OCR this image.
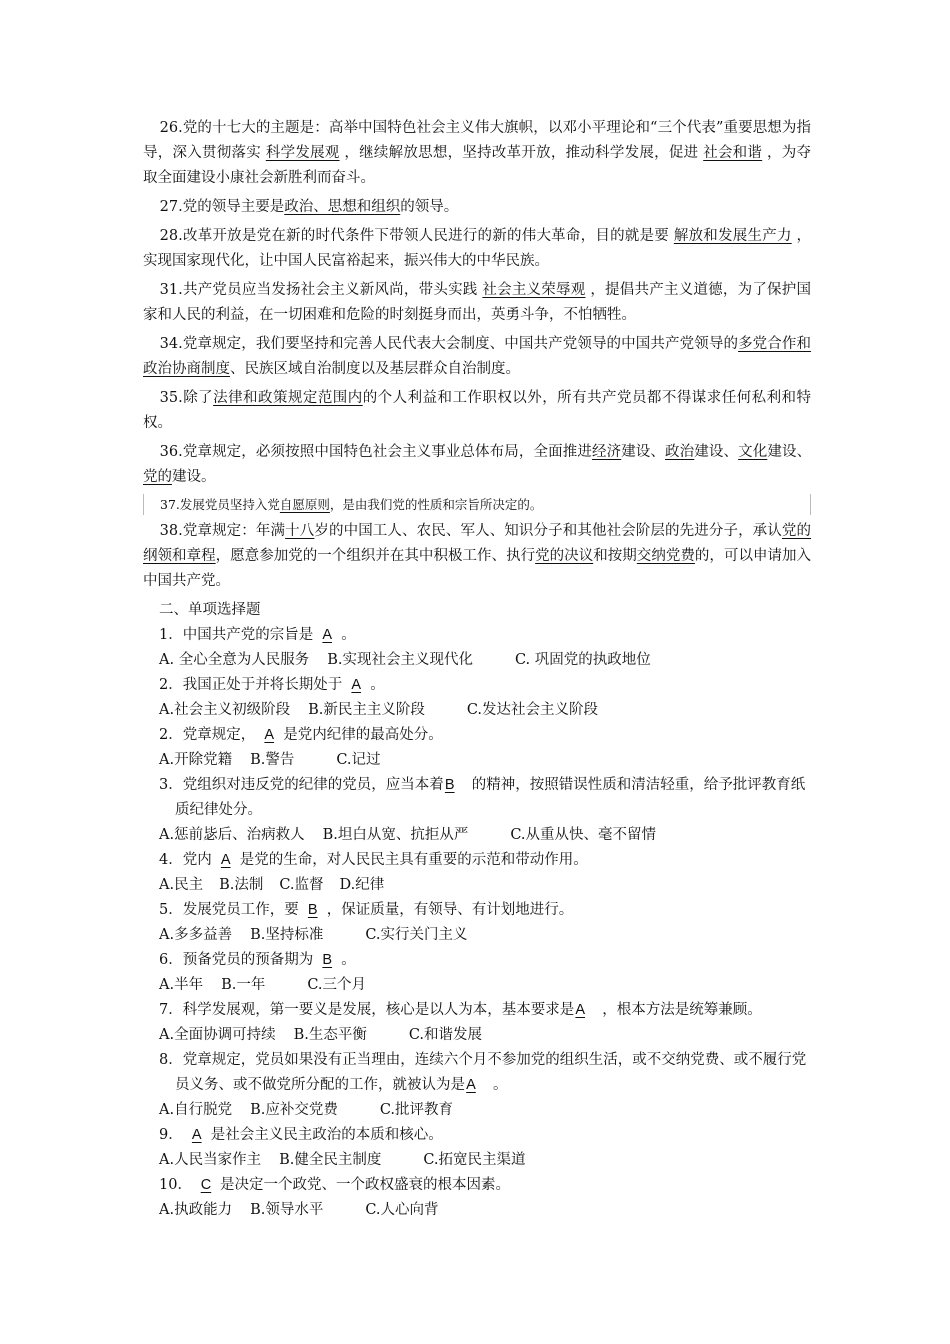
26.党的十七大的主题是：高举中国特色社会主义伟大旗帜，以邓小平理论和“三个代表”重要思想为指导，深入贯彻落实 科学发展观 ，继续解放思想，坚持改革开放，推动科学发展，促进 社会和谐 ，为夺取全面建设小康社会新胜利而奋斗。

27.党的领导主要是政治、思想和组织的领导。

28.改革开放是党在新的时代条件下带领人民进行的新的伟大革命，目的就是要 解放和发展生产力 ，实现国家现代化，让中国人民富裕起来，振兴伟大的中华民族。

31.共产党员应当发扬社会主义新风尚，带头实践 社会主义荣辱观 ，提倡共产主义道德，为了保护国家和人民的利益，在一切困难和危险的时刻挺身而出，英勇斗争，不怕牺牲。

34.党章规定，我们要坚持和完善人民代表大会制度、中国共产党领导的中国共产党领导的多党合作和政治协商制度、民族区域自治制度以及基层群众自治制度。

35.除了法律和政策规定范围内的个人利益和工作职权以外，所有共产党员都不得谋求任何私利和特权。

36.党章规定，必须按照中国特色社会主义事业总体布局，全面推进经济建设、政治建设、文化建设、党的建设。

37.发展党员坚持入党自愿原则，是由我们党的性质和宗旨所决定的。

38.党章规定：年满十八岁的中国工人、农民、军人、知识分子和其他社会阶层的先进分子，承认党的纲领和章程，愿意参加党的一个组织并在其中积极工作、执行党的决议和按期交纳党费的，可以申请加入中国共产党。

二、单项选择题

1．中国共产党的宗旨是 A 。

A. 全心全意为人民服务 B.实现社会主义现代化	C. 巩固党的执政地位

2．我国正处于并将长期处于 A 。

A.社会主义初级阶段 B.新民主主义阶段	C.发达社会主义阶段

2．党章规定， A 是党内纪律的最高处分。

A.开除党籍 B.警告	C.记过

3．党组织对违反党的纪律的党员，应当本着B 的精神，按照错误性质和清洁轻重，给予批评教育纸质纪律处分。

A.惩前毖后、治病救人 B.坦白从宽、抗拒从严	C.从重从快、毫不留情

4．党内 A 是党的生命，对人民民主具有重要的示范和带动作用。

A.民主 B.法制 C.监督 D.纪律

5．发展党员工作，要 B ，保证质量，有领导、有计划地进行。

A.多多益善 B.坚持标准	C.实行关门主义

6．预备党员的预备期为 B 。

A.半年 B.一年	C.三个月

7．科学发展观，第一要义是发展，核心是以人为本，基本要求是A ，根本方法是统筹兼顾。

A.全面协调可持续 B.生态平衡	C.和谐发展

8．党章规定，党员如果没有正当理由，连续六个月不参加党的组织生活，或不交纳党费、或不履行党员义务、或不做党所分配的工作，就被认为是A 。

A.自行脱党 B.应补交党费	C.批评教育

9． A 是社会主义民主政治的本质和核心。

A.人民当家作主 B.健全民主制度	C.拓宽民主渠道

10． C 是决定一个政党、一个政权盛衰的根本因素。

A.执政能力 B.领导水平	C.人心向背
